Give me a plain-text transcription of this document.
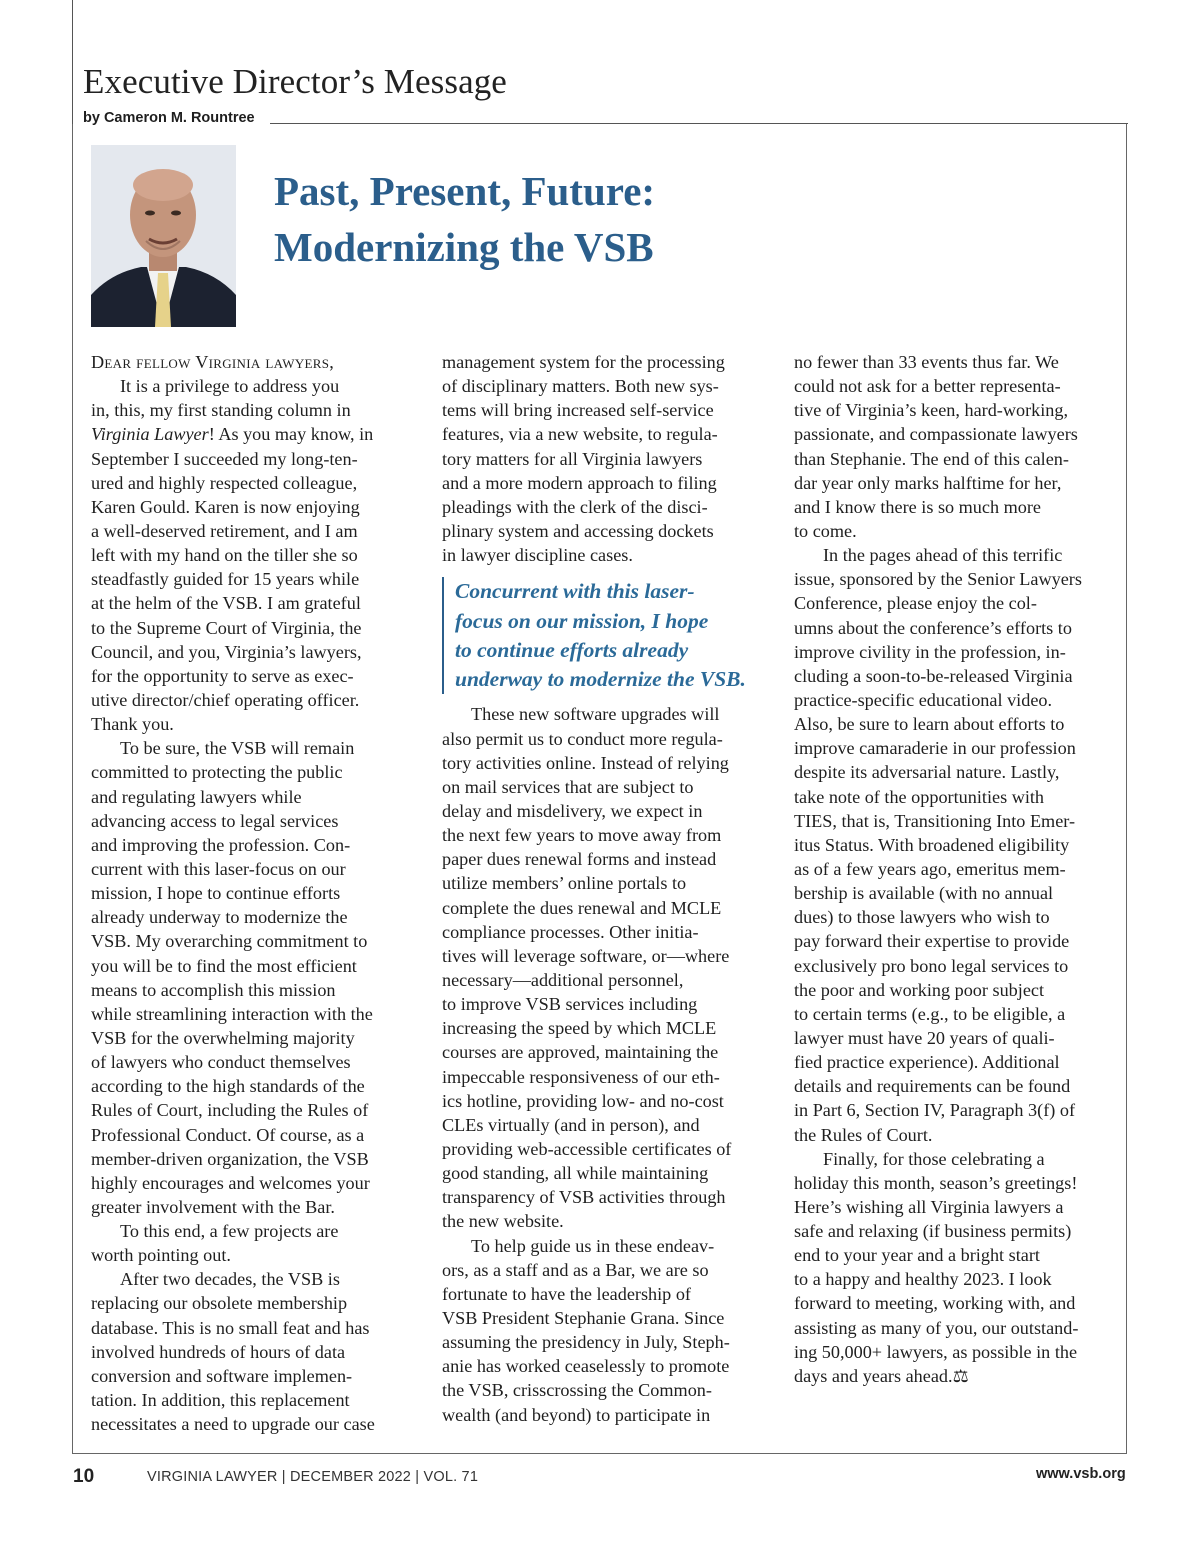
Executive Director’s Message
by Cameron M. Rountree
Past, Present, Future:
Modernizing the VSB
Dear fellow Virginia lawyers,
It is a privilege to address you
in, this, my first standing column in
Virginia Lawyer! As you may know, in
September I succeeded my long-ten-
ured and highly respected colleague,
Karen Gould. Karen is now enjoying
a well-deserved retirement, and I am
left with my hand on the tiller she so
steadfastly guided for 15 years while
at the helm of the VSB. I am grateful
to the Supreme Court of Virginia, the
Council, and you, Virginia’s lawyers,
for the opportunity to serve as exec-
utive director/chief operating officer.
Thank you.
To be sure, the VSB will remain
committed to protecting the public
and regulating lawyers while
advancing access to legal services
and improving the profession. Con-
current with this laser-focus on our
mission, I hope to continue efforts
already underway to modernize the
VSB. My overarching commitment to
you will be to find the most efficient
means to accomplish this mission
while streamlining interaction with the
VSB for the overwhelming majority
of lawyers who conduct themselves
according to the high standards of the
Rules of Court, including the Rules of
Professional Conduct. Of course, as a
member-driven organization, the VSB
highly encourages and welcomes your
greater involvement with the Bar.
To this end, a few projects are
worth pointing out.
After two decades, the VSB is
replacing our obsolete membership
database. This is no small feat and has
involved hundreds of hours of data
conversion and software implemen-
tation. In addition, this replacement
necessitates a need to upgrade our case
management system for the processing
of disciplinary matters. Both new sys-
tems will bring increased self-service
features, via a new website, to regula-
tory matters for all Virginia lawyers
and a more modern approach to filing
pleadings with the clerk of the disci-
plinary system and accessing dockets
in lawyer discipline cases.
Concurrent with this laser-
focus on our mission, I hope
to continue efforts already
underway to modernize the VSB.
These new software upgrades will
also permit us to conduct more regula-
tory activities online. Instead of relying
on mail services that are subject to
delay and misdelivery, we expect in
the next few years to move away from
paper dues renewal forms and instead
utilize members’ online portals to
complete the dues renewal and MCLE
compliance processes. Other initia-
tives will leverage software, or—where
necessary—additional personnel,
to improve VSB services including
increasing the speed by which MCLE
courses are approved, maintaining the
impeccable responsiveness of our eth-
ics hotline, providing low- and no-cost
CLEs virtually (and in person), and
providing web-accessible certificates of
good standing, all while maintaining
transparency of VSB activities through
the new website.
To help guide us in these endeav-
ors, as a staff and as a Bar, we are so
fortunate to have the leadership of
VSB President Stephanie Grana. Since
assuming the presidency in July, Steph-
anie has worked ceaselessly to promote
the VSB, crisscrossing the Common-
wealth (and beyond) to participate in
no fewer than 33 events thus far. We
could not ask for a better representa-
tive of Virginia’s keen, hard-working,
passionate, and compassionate lawyers
than Stephanie. The end of this calen-
dar year only marks halftime for her,
and I know there is so much more
to come.
In the pages ahead of this terrific
issue, sponsored by the Senior Lawyers
Conference, please enjoy the col-
umns about the conference’s efforts to
improve civility in the profession, in-
cluding a soon-to-be-released Virginia
practice-specific educational video.
Also, be sure to learn about efforts to
improve camaraderie in our profession
despite its adversarial nature. Lastly,
take note of the opportunities with
TIES, that is, Transitioning Into Emer-
itus Status. With broadened eligibility
as of a few years ago, emeritus mem-
bership is available (with no annual
dues) to those lawyers who wish to
pay forward their expertise to provide
exclusively pro bono legal services to
the poor and working poor subject
to certain terms (e.g., to be eligible, a
lawyer must have 20 years of quali-
fied practice experience). Additional
details and requirements can be found
in Part 6, Section IV, Paragraph 3(f) of
the Rules of Court.
Finally, for those celebrating a
holiday this month, season’s greetings!
Here’s wishing all Virginia lawyers a
safe and relaxing (if business permits)
end to your year and a bright start
to a happy and healthy 2023. I look
forward to meeting, working with, and
assisting as many of you, our outstand-
ing 50,000+ lawyers, as possible in the
days and years ahead.⚖
10	VIRGINIA LAWYER | DECEMBER 2022 | VOL. 71	www.vsb.org
